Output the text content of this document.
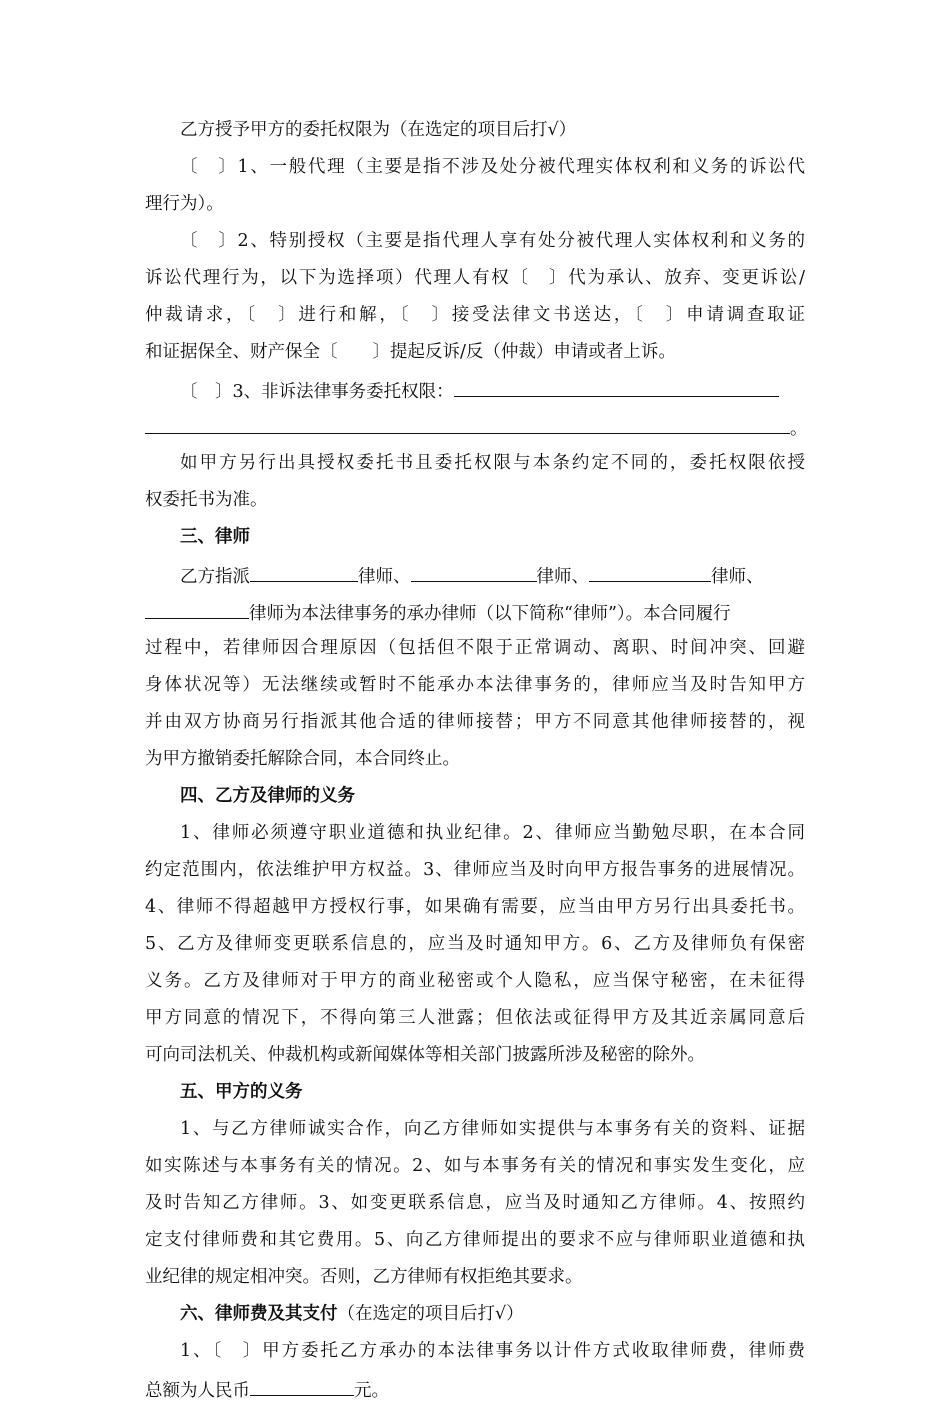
乙方授予甲方的委托权限为（在选定的项目后打√）
〔　〕1、一般代理（主要是指不涉及处分被代理实体权利和义务的诉讼代
理行为）。
〔　〕2、特别授权（主要是指代理人享有处分被代理人实体权利和义务的
诉讼代理行为，以下为选择项）代理人有权〔　〕代为承认、放弃、变更诉讼/
仲裁请求，〔　〕进行和解，〔　〕接受法律文书送达，〔　〕申请调查取证
和证据保全、财产保全〔　　〕提起反诉/反（仲裁）申请或者上诉。
〔　〕3、非诉法律事务委托权限：
。
如甲方另行出具授权委托书且委托权限与本条约定不同的，委托权限依授
权委托书为准。
三、律师
乙方指派	律师、	律师、	律师、
律师为本法律事务的承办律师（以下简称“律师”）。本合同履行
过程中，若律师因合理原因（包括但不限于正常调动、离职、时间冲突、回避
身体状况等）无法继续或暂时不能承办本法律事务的，律师应当及时告知甲方
并由双方协商另行指派其他合适的律师接替；甲方不同意其他律师接替的，视
为甲方撤销委托解除合同，本合同终止。
四、乙方及律师的义务
1、律师必须遵守职业道德和执业纪律。2、律师应当勤勉尽职，在本合同
约定范围内，依法维护甲方权益。3、律师应当及时向甲方报告事务的进展情况。
4、律师不得超越甲方授权行事，如果确有需要，应当由甲方另行出具委托书。
5、乙方及律师变更联系信息的，应当及时通知甲方。6、乙方及律师负有保密
义务。乙方及律师对于甲方的商业秘密或个人隐私，应当保守秘密，在未征得
甲方同意的情况下，不得向第三人泄露；但依法或征得甲方及其近亲属同意后
可向司法机关、仲裁机构或新闻媒体等相关部门披露所涉及秘密的除外。
五、甲方的义务
1、与乙方律师诚实合作，向乙方律师如实提供与本事务有关的资料、证据
如实陈述与本事务有关的情况。2、如与本事务有关的情况和事实发生变化，应
及时告知乙方律师。3、如变更联系信息，应当及时通知乙方律师。4、按照约
定支付律师费和其它费用。5、向乙方律师提出的要求不应与律师职业道德和执
业纪律的规定相冲突。否则，乙方律师有权拒绝其要求。
六、律师费及其支付（在选定的项目后打√）
1、〔　〕甲方委托乙方承办的本法律事务以计件方式收取律师费，律师费
总额为人民币	元。
